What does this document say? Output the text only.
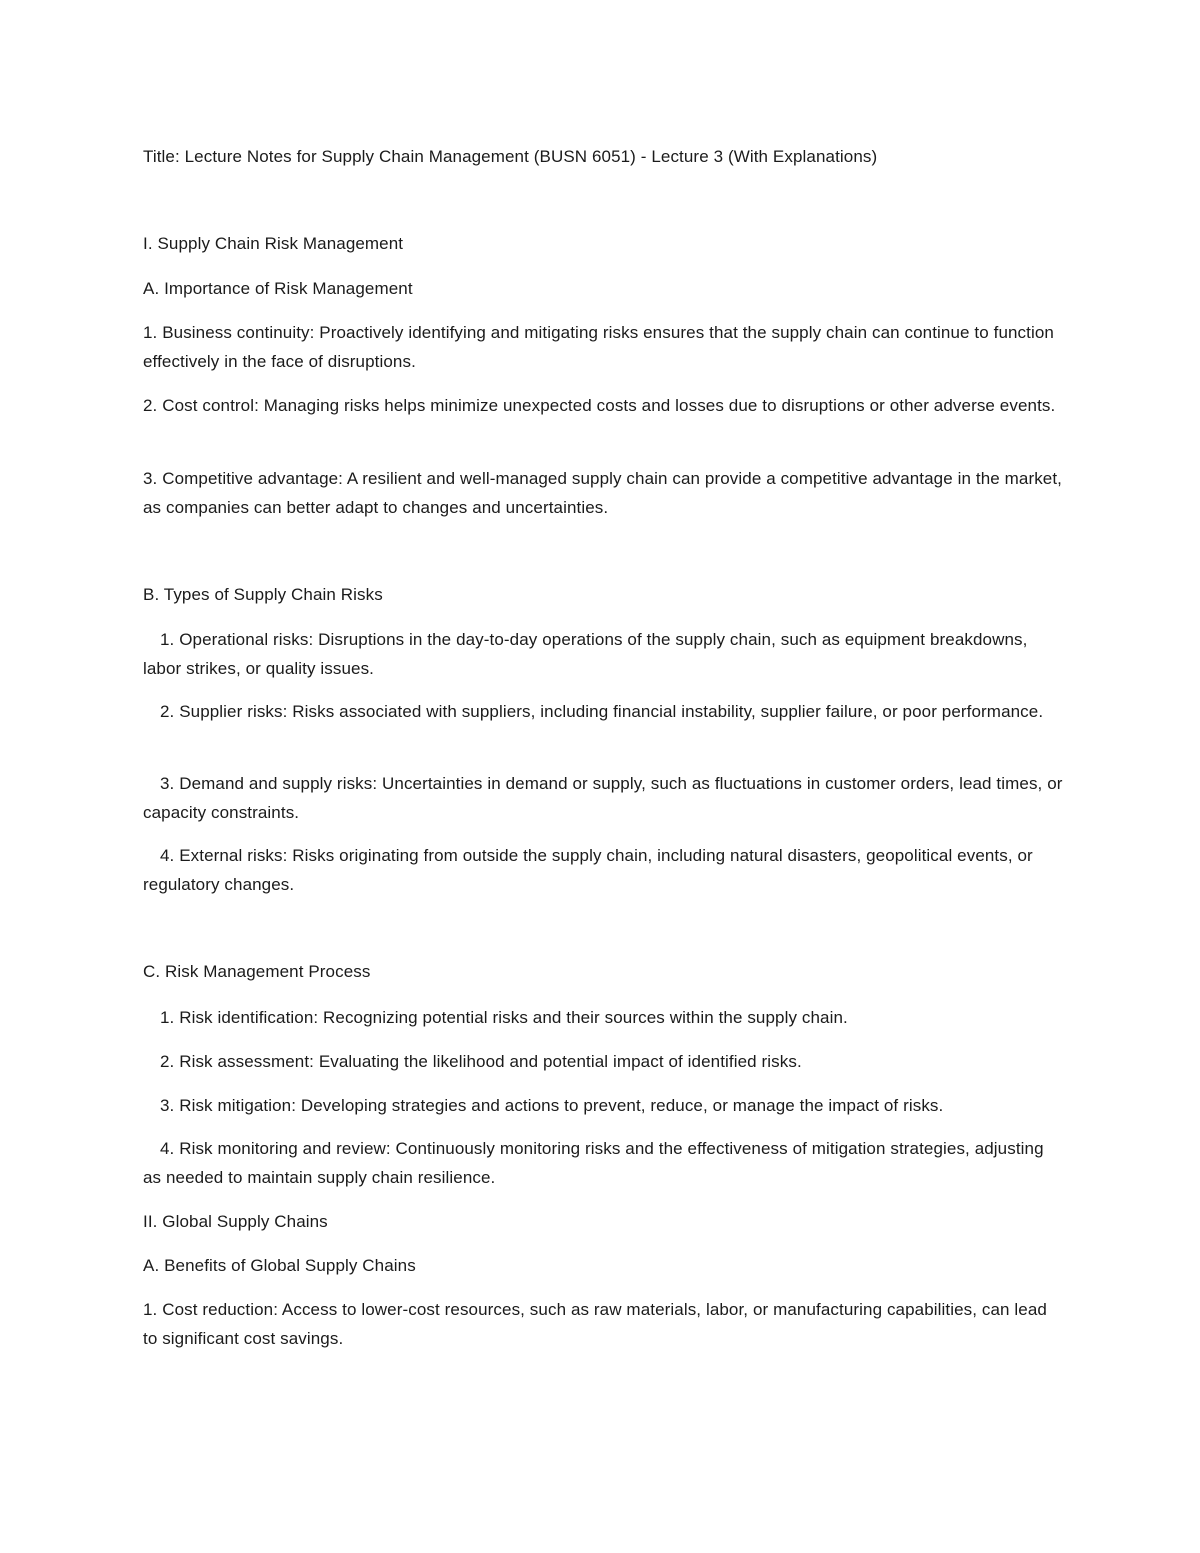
Title: Lecture Notes for Supply Chain Management (BUSN 6051) - Lecture 3 (With Explanations)
I. Supply Chain Risk Management
A. Importance of Risk Management
1. Business continuity: Proactively identifying and mitigating risks ensures that the supply chain can continue to function effectively in the face of disruptions.
2. Cost control: Managing risks helps minimize unexpected costs and losses due to disruptions or other adverse events.
3. Competitive advantage: A resilient and well-managed supply chain can provide a competitive advantage in the market, as companies can better adapt to changes and uncertainties.
B. Types of Supply Chain Risks
1. Operational risks: Disruptions in the day-to-day operations of the supply chain, such as equipment breakdowns, labor strikes, or quality issues.
2. Supplier risks: Risks associated with suppliers, including financial instability, supplier failure, or poor performance.
3. Demand and supply risks: Uncertainties in demand or supply, such as fluctuations in customer orders, lead times, or capacity constraints.
4. External risks: Risks originating from outside the supply chain, including natural disasters, geopolitical events, or regulatory changes.
C. Risk Management Process
1. Risk identification: Recognizing potential risks and their sources within the supply chain.
2. Risk assessment: Evaluating the likelihood and potential impact of identified risks.
3. Risk mitigation: Developing strategies and actions to prevent, reduce, or manage the impact of risks.
4. Risk monitoring and review: Continuously monitoring risks and the effectiveness of mitigation strategies, adjusting as needed to maintain supply chain resilience.
II. Global Supply Chains
A. Benefits of Global Supply Chains
1. Cost reduction: Access to lower-cost resources, such as raw materials, labor, or manufacturing capabilities, can lead to significant cost savings.
